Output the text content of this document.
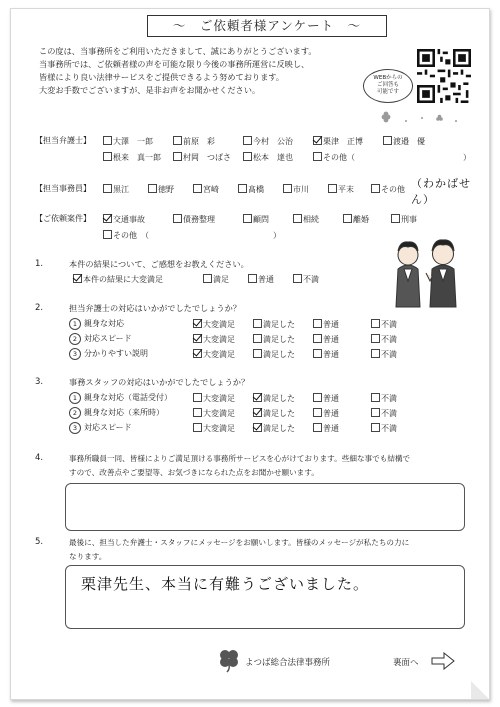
～　ご依頼者様アンケート　～
この度は、当事務所をご利用いただきまして、誠にありがとうございます。
当事務所では、ご依頼者様の声を可能な限り今後の事務所運営に反映し、
皆様により良い法律サービスをご提供できるよう努めております。
大変お手数でございますが、是非お声をお聞かせください。
WEBからの
ご回答も
可能です
【担当弁護士】	大澤　一郎	前原　彩	今村　公治	栗津　正博	渡邉　優
根来　真一郎	村岡　つばさ	松本　達也	その他（	）
【担当事務員】	黒江	徳野	宮崎	髙橋	市川	平末	その他 （わかばせん）
【ご依頼案件】	交通事故	債務整理	顧問	相続	離婚	刑事
その他　（	）
1.	本件の結果について、ご感想をお教えください。
本件の結果に大変満足	満足	普通	不満
2.	担当弁護士の対応はいかがでしたでしょうか？
1 親身な対応	大変満足	満足した	普通	不満
2 対応スピード	大変満足	満足した	普通	不満
3 分かりやすい説明	大変満足	満足した	普通	不満
3.	事務スタッフの対応はいかがでしたでしょうか？
1 親身な対応（電話受付）	大変満足	満足した	普通	不満
2 親身な対応（来所時）	大変満足	満足した	普通	不満
3 対応スピード	大変満足	満足した	普通	不満
4.	事務所職員一同、皆様によりご満足頂ける事務所サービスを心がけております。些細な事でも結構で
すので、改善点やご要望等、お気づきになられた点をお聞かせ願います。
5.	最後に、担当した弁護士・スタッフにメッセージをお願いします。皆様のメッセージが私たちの力に
なります。
栗津先生、本当に有難うございました。
よつば総合法律事務所	裏面へ
